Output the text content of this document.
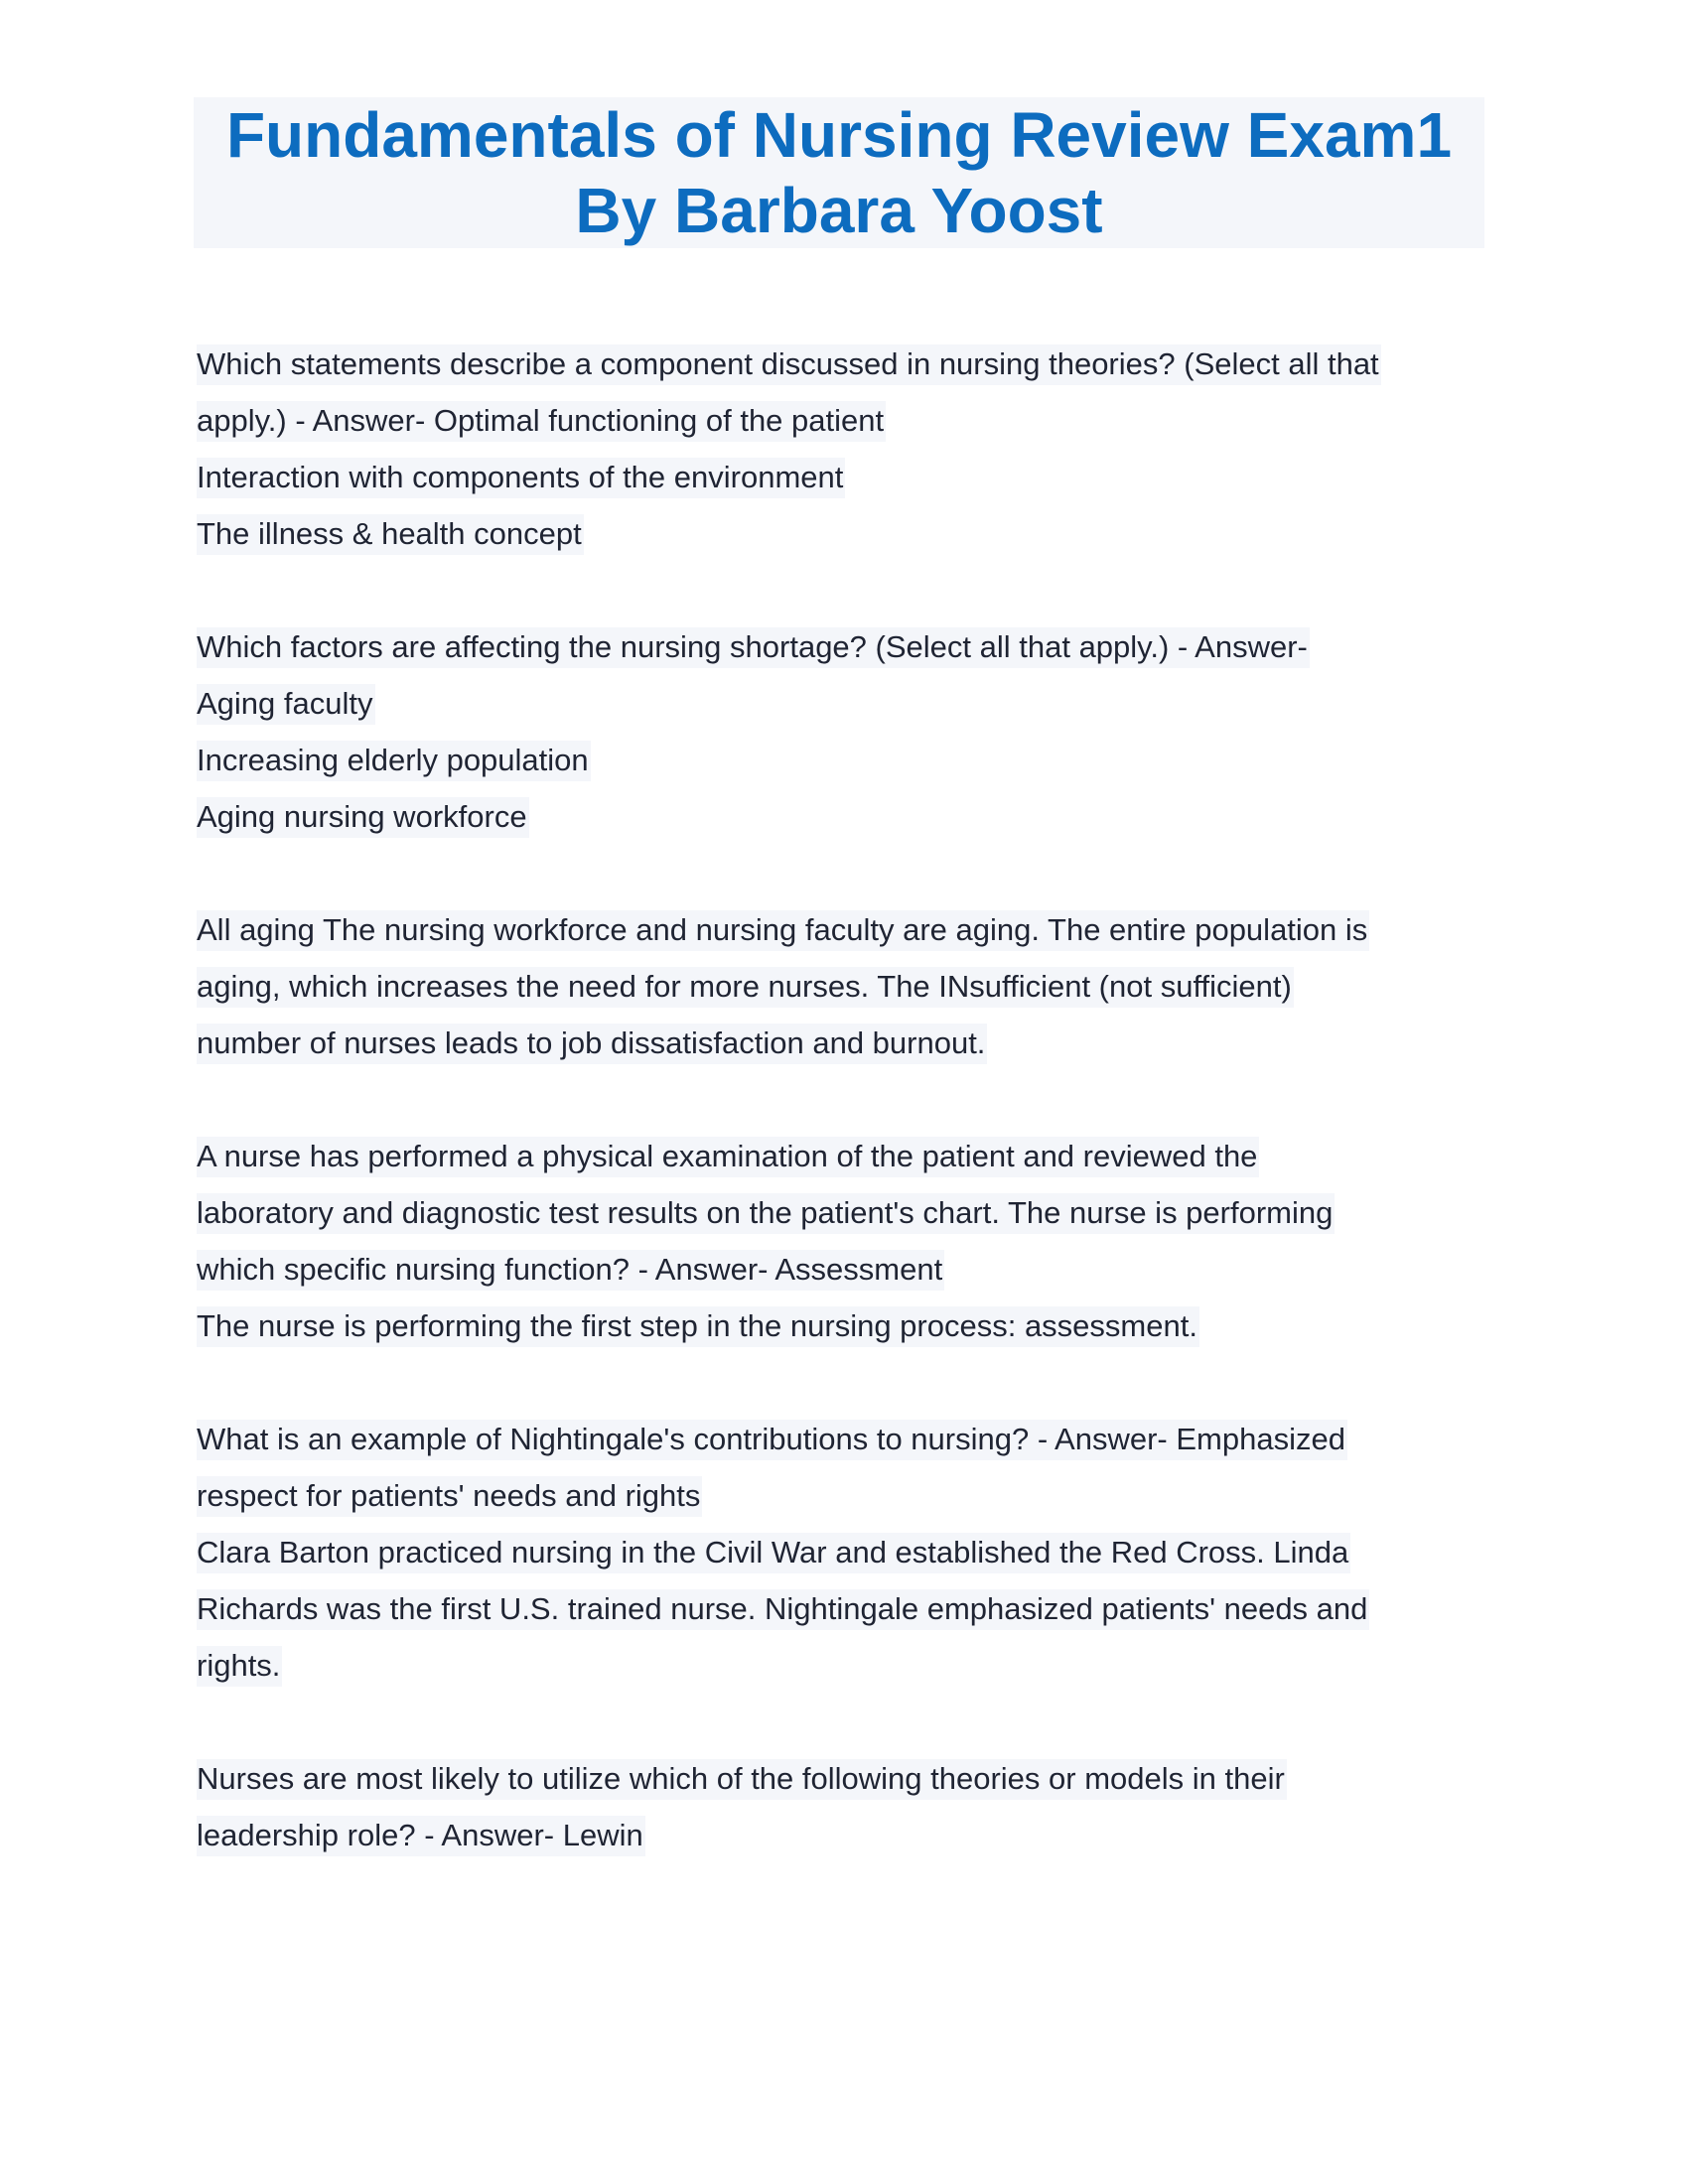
Fundamentals of Nursing Review Exam1
By Barbara Yoost
Which statements describe a component discussed in nursing theories? (Select all that
apply.) - Answer- Optimal functioning of the patient
Interaction with components of the environment
The illness & health concept
Which factors are affecting the nursing shortage? (Select all that apply.) - Answer-
Aging faculty
Increasing elderly population
Aging nursing workforce
All aging The nursing workforce and nursing faculty are aging. The entire population is
aging, which increases the need for more nurses. The INsufficient (not sufficient)
number of nurses leads to job dissatisfaction and burnout.
A nurse has performed a physical examination of the patient and reviewed the
laboratory and diagnostic test results on the patient's chart. The nurse is performing
which specific nursing function? - Answer- Assessment
The nurse is performing the first step in the nursing process: assessment.
What is an example of Nightingale's contributions to nursing? - Answer- Emphasized
respect for patients' needs and rights
Clara Barton practiced nursing in the Civil War and established the Red Cross. Linda
Richards was the first U.S. trained nurse. Nightingale emphasized patients' needs and
rights.
Nurses are most likely to utilize which of the following theories or models in their
leadership role? - Answer- Lewin
